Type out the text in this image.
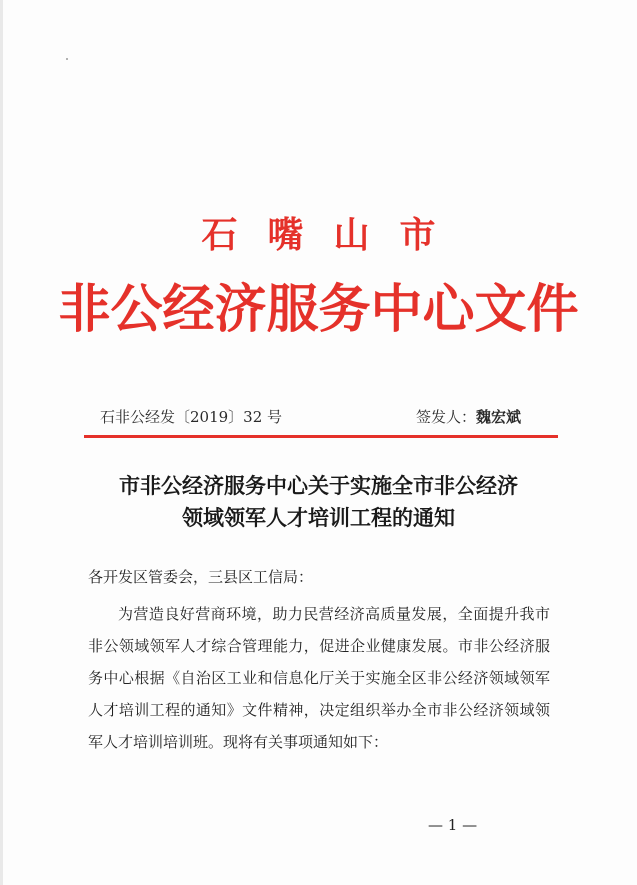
石嘴山市
非公经济服务中心文件
石非公经发〔2019〕32 号	签发人：魏宏斌
市非公经济服务中心关于实施全市非公经济
领域领军人才培训工程的通知
各开发区管委会，三县区工信局：
为营造良好营商环境，助力民营经济高质量发展，全面提升我市非公领域领军人才综合管理能力，促进企业健康发展。市非公经济服务中心根据《自治区工业和信息化厅关于实施全区非公经济领域领军人才培训工程的通知》文件精神，决定组织举办全市非公经济领域领军人才培训培训班。现将有关事项通知如下：
— 1 —
